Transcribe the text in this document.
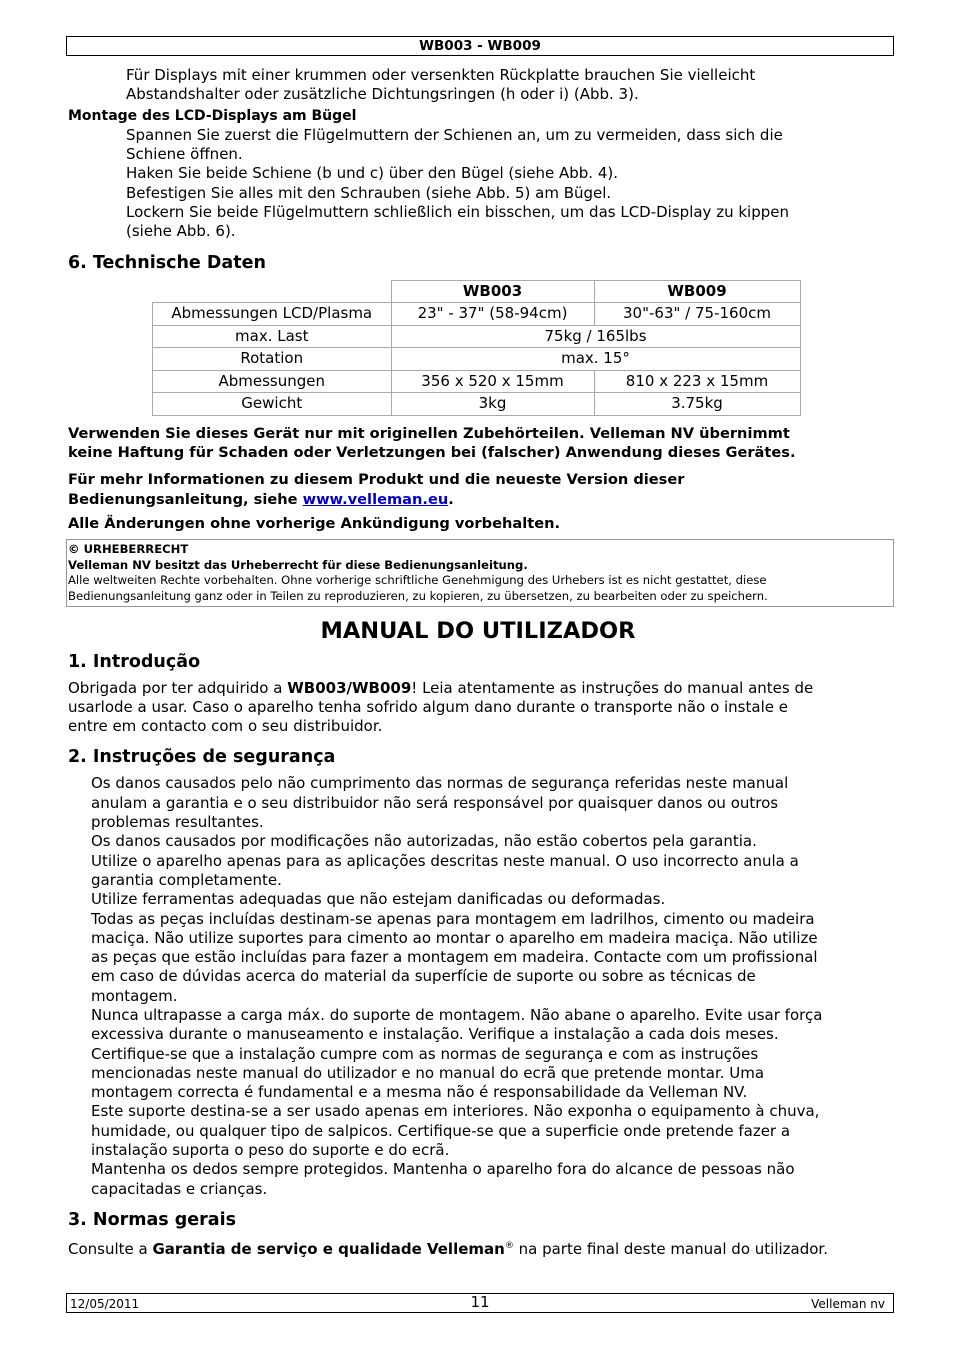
WB003 - WB009
Für Displays mit einer krummen oder versenkten Rückplatte brauchen Sie vielleicht
Abstandshalter oder zusätzliche Dichtungsringen (h oder i) (Abb. 3).
Montage des LCD-Displays am Bügel
Spannen Sie zuerst die Flügelmuttern der Schienen an, um zu vermeiden, dass sich die
Schiene öffnen.
Haken Sie beide Schiene (b und c) über den Bügel (siehe Abb. 4).
Befestigen Sie alles mit den Schrauben (siehe Abb. 5) am Bügel.
Lockern Sie beide Flügelmuttern schließlich ein bisschen, um das LCD-Display zu kippen
(siehe Abb. 6).
6. Technische Daten
	WB003	WB009
Abmessungen LCD/Plasma	23" - 37" (58-94cm)	30"-63" / 75-160cm
max. Last	75kg / 165lbs	
Rotation	max. 15°	
Abmessungen	356 x 520 x 15mm	810 x 223 x 15mm
Gewicht	3kg	3.75kg
Verwenden Sie dieses Gerät nur mit originellen Zubehörteilen. Velleman NV übernimmt
keine Haftung für Schaden oder Verletzungen bei (falscher) Anwendung dieses Gerätes.
Für mehr Informationen zu diesem Produkt und die neueste Version dieser
Bedienungsanleitung, siehe www.velleman.eu.
Alle Änderungen ohne vorherige Ankündigung vorbehalten.
© URHEBERRECHT
Velleman NV besitzt das Urheberrecht für diese Bedienungsanleitung.
Alle weltweiten Rechte vorbehalten. Ohne vorherige schriftliche Genehmigung des Urhebers ist es nicht gestattet, diese
Bedienungsanleitung ganz oder in Teilen zu reproduzieren, zu kopieren, zu übersetzen, zu bearbeiten oder zu speichern.
MANUAL DO UTILIZADOR
1. Introdução
Obrigada por ter adquirido a WB003/WB009! Leia atentamente as instruções do manual antes de
usarlode a usar. Caso o aparelho tenha sofrido algum dano durante o transporte não o instale e
entre em contacto com o seu distribuidor.
2. Instruções de segurança
Os danos causados pelo não cumprimento das normas de segurança referidas neste manual
anulam a garantia e o seu distribuidor não será responsável por quaisquer danos ou outros
problemas resultantes.
Os danos causados por modificações não autorizadas, não estão cobertos pela garantia.
Utilize o aparelho apenas para as aplicações descritas neste manual. O uso incorrecto anula a
garantia completamente.
Utilize ferramentas adequadas que não estejam danificadas ou deformadas.
Todas as peças incluídas destinam-se apenas para montagem em ladrilhos, cimento ou madeira
maciça. Não utilize suportes para cimento ao montar o aparelho em madeira maciça. Não utilize
as peças que estão incluídas para fazer a montagem em madeira. Contacte com um profissional
em caso de dúvidas acerca do material da superfície de suporte ou sobre as técnicas de
montagem.
Nunca ultrapasse a carga máx. do suporte de montagem. Não abane o aparelho. Evite usar força
excessiva durante o manuseamento e instalação. Verifique a instalação a cada dois meses.
Certifique-se que a instalação cumpre com as normas de segurança e com as instruções
mencionadas neste manual do utilizador e no manual do ecrã que pretende montar. Uma
montagem correcta é fundamental e a mesma não é responsabilidade da Velleman NV.
Este suporte destina-se a ser usado apenas em interiores. Não exponha o equipamento à chuva,
humidade, ou qualquer tipo de salpicos. Certifique-se que a superficie onde pretende fazer a
instalação suporta o peso do suporte e do ecrã.
Mantenha os dedos sempre protegidos. Mantenha o aparelho fora do alcance de pessoas não
capacitadas e crianças.
3. Normas gerais
Consulte a Garantia de serviço e qualidade Velleman® na parte final deste manual do utilizador.
12/05/2011	11	Velleman nv
